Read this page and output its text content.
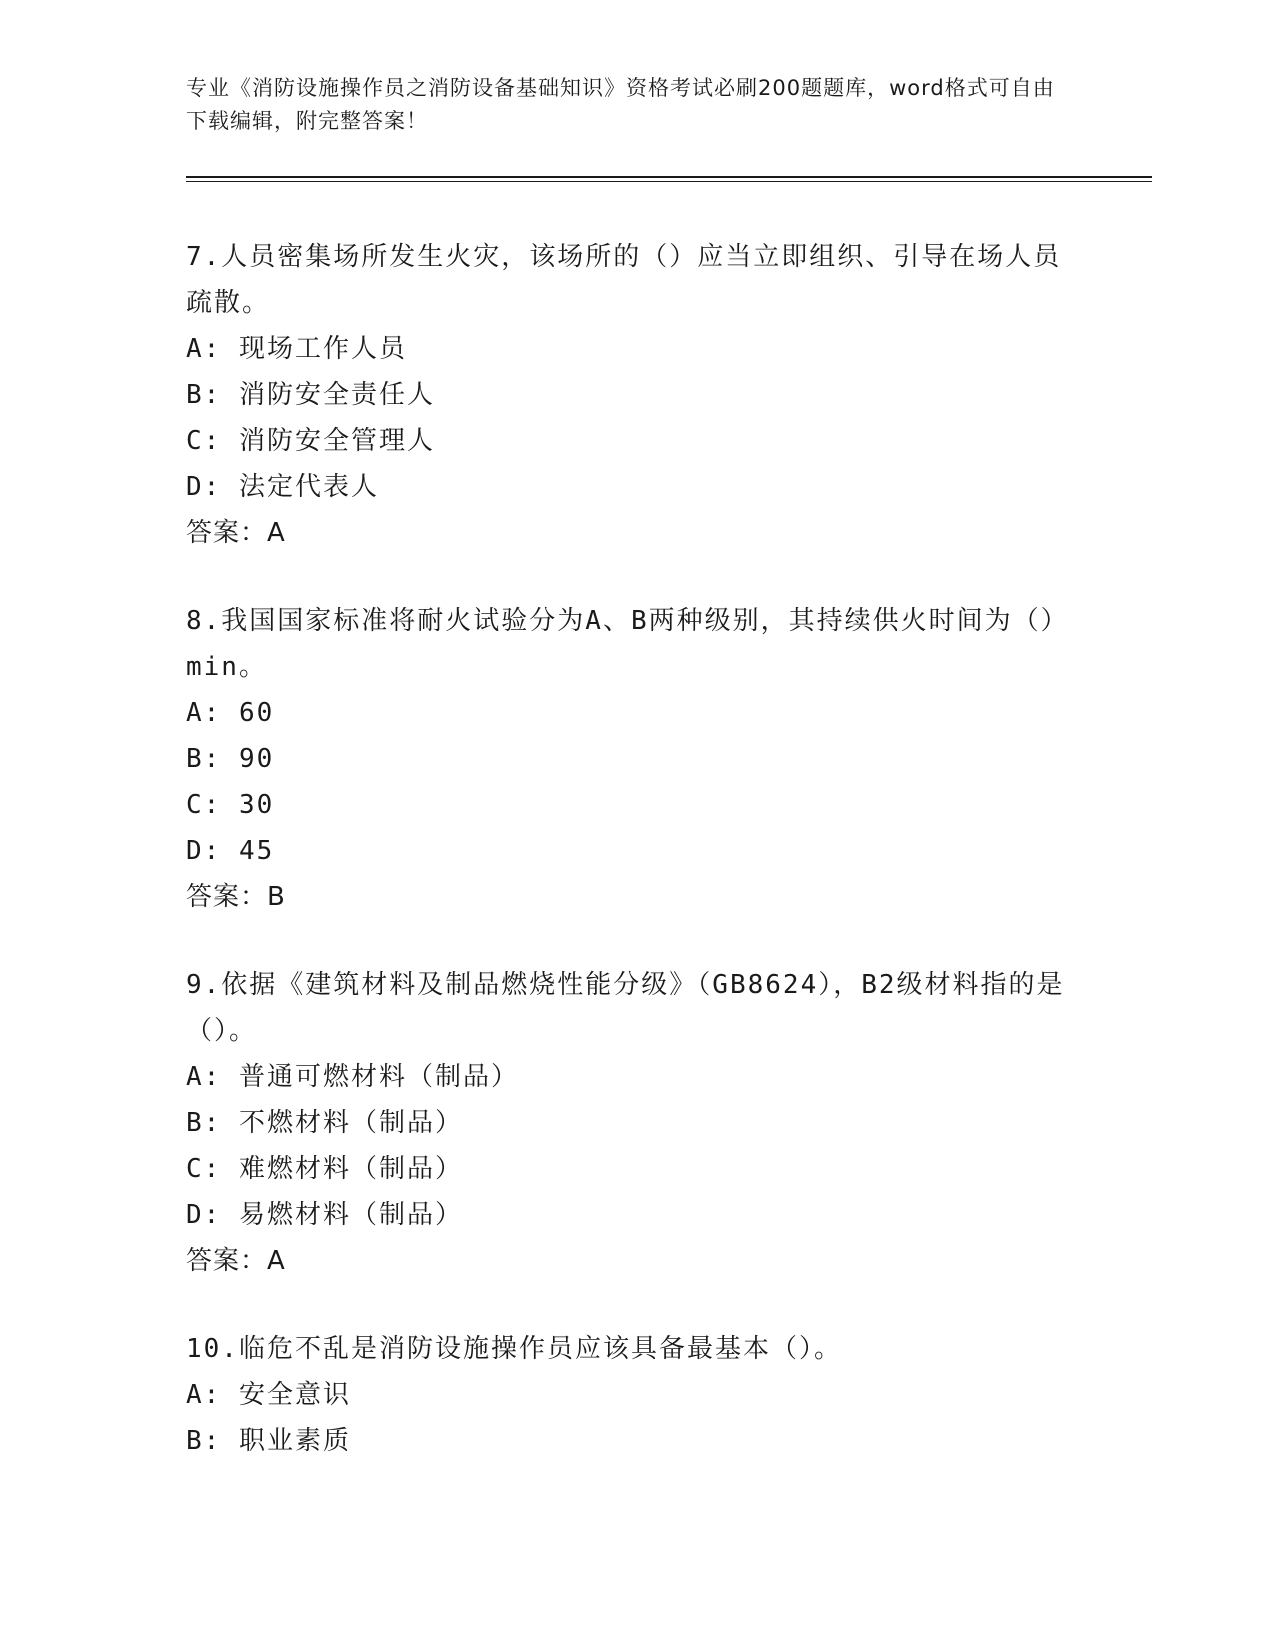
专业《消防设施操作员之消防设备基础知识》资格考试必刷200题题库，word格式可自由下载编辑，附完整答案！

7.人员密集场所发生火灾，该场所的（）应当立即组织、引导在场人员疏散。

A: 现场工作人员

B: 消防安全责任人

C: 消防安全管理人

D: 法定代表人

答案：A

8.我国国家标准将耐火试验分为A、B两种级别，其持续供火时间为（）min。

A: 60

B: 90

C: 30

D: 45

答案：B

9.依据《建筑材料及制品燃烧性能分级》（GB8624），B2级材料指的是（）。

A: 普通可燃材料（制品）

B: 不燃材料（制品）

C: 难燃材料（制品）

D: 易燃材料（制品）

答案：A

10.临危不乱是消防设施操作员应该具备最基本（）。

A: 安全意识

B: 职业素质
